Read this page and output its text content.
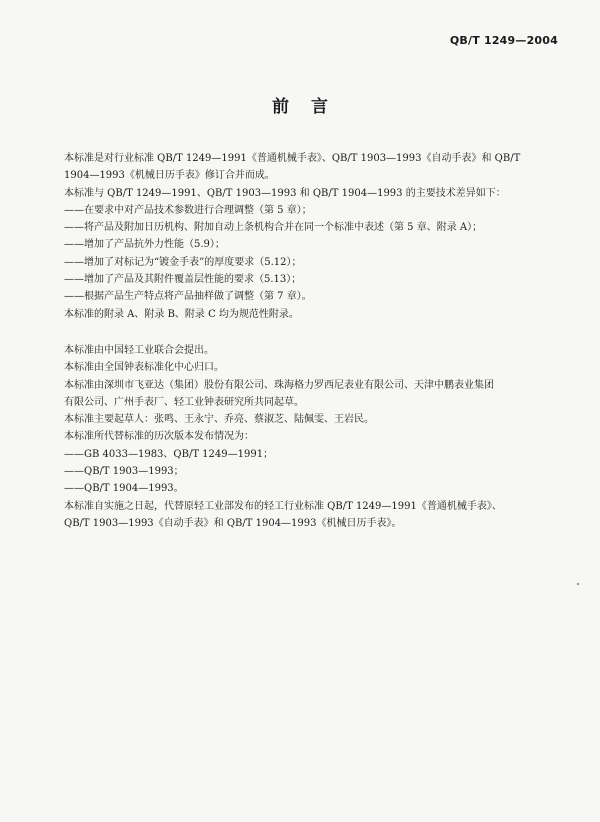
QB/T 1249—2004
前言

本标准是对行业标准 QB/T 1249—1991《普通机械手表》、QB/T 1903—1993《自动手表》和 QB/T

1904—1993《机械日历手表》修订合并而成。

本标准与 QB/T 1249—1991、QB/T 1903—1993 和 QB/T 1904—1993 的主要技术差异如下：

——在要求中对产品技术参数进行合理调整（第 5 章）；

——将产品及附加日历机构、附加自动上条机构合并在同一个标准中表述（第 5 章、附录 A）；

——增加了产品抗外力性能（5.9）；

——增加了对标记为“镀金手表”的厚度要求（5.12）；

——增加了产品及其附件覆盖层性能的要求（5.13）；

——根据产品生产特点将产品抽样做了调整（第 7 章）。

本标准的附录 A、附录 B、附录 C 均为规范性附录。

本标准由中国轻工业联合会提出。

本标准由全国钟表标准化中心归口。

本标准由深圳市飞亚达（集团）股份有限公司、珠海格力罗西尼表业有限公司、天津中鹏表业集团

有限公司、广州手表厂、轻工业钟表研究所共同起草。

本标准主要起草人：张鸣、王永宁、乔亮、蔡淑芝、陆佩雯、王岩民。

本标准所代替标准的历次版本发布情况为：

——GB 4033—1983、QB/T 1249—1991；

——QB/T 1903—1993；

——QB/T 1904—1993。

本标准自实施之日起，代替原轻工业部发布的轻工行业标准 QB/T 1249—1991《普通机械手表》、

QB/T 1903—1993《自动手表》和 QB/T 1904—1993《机械日历手表》。
